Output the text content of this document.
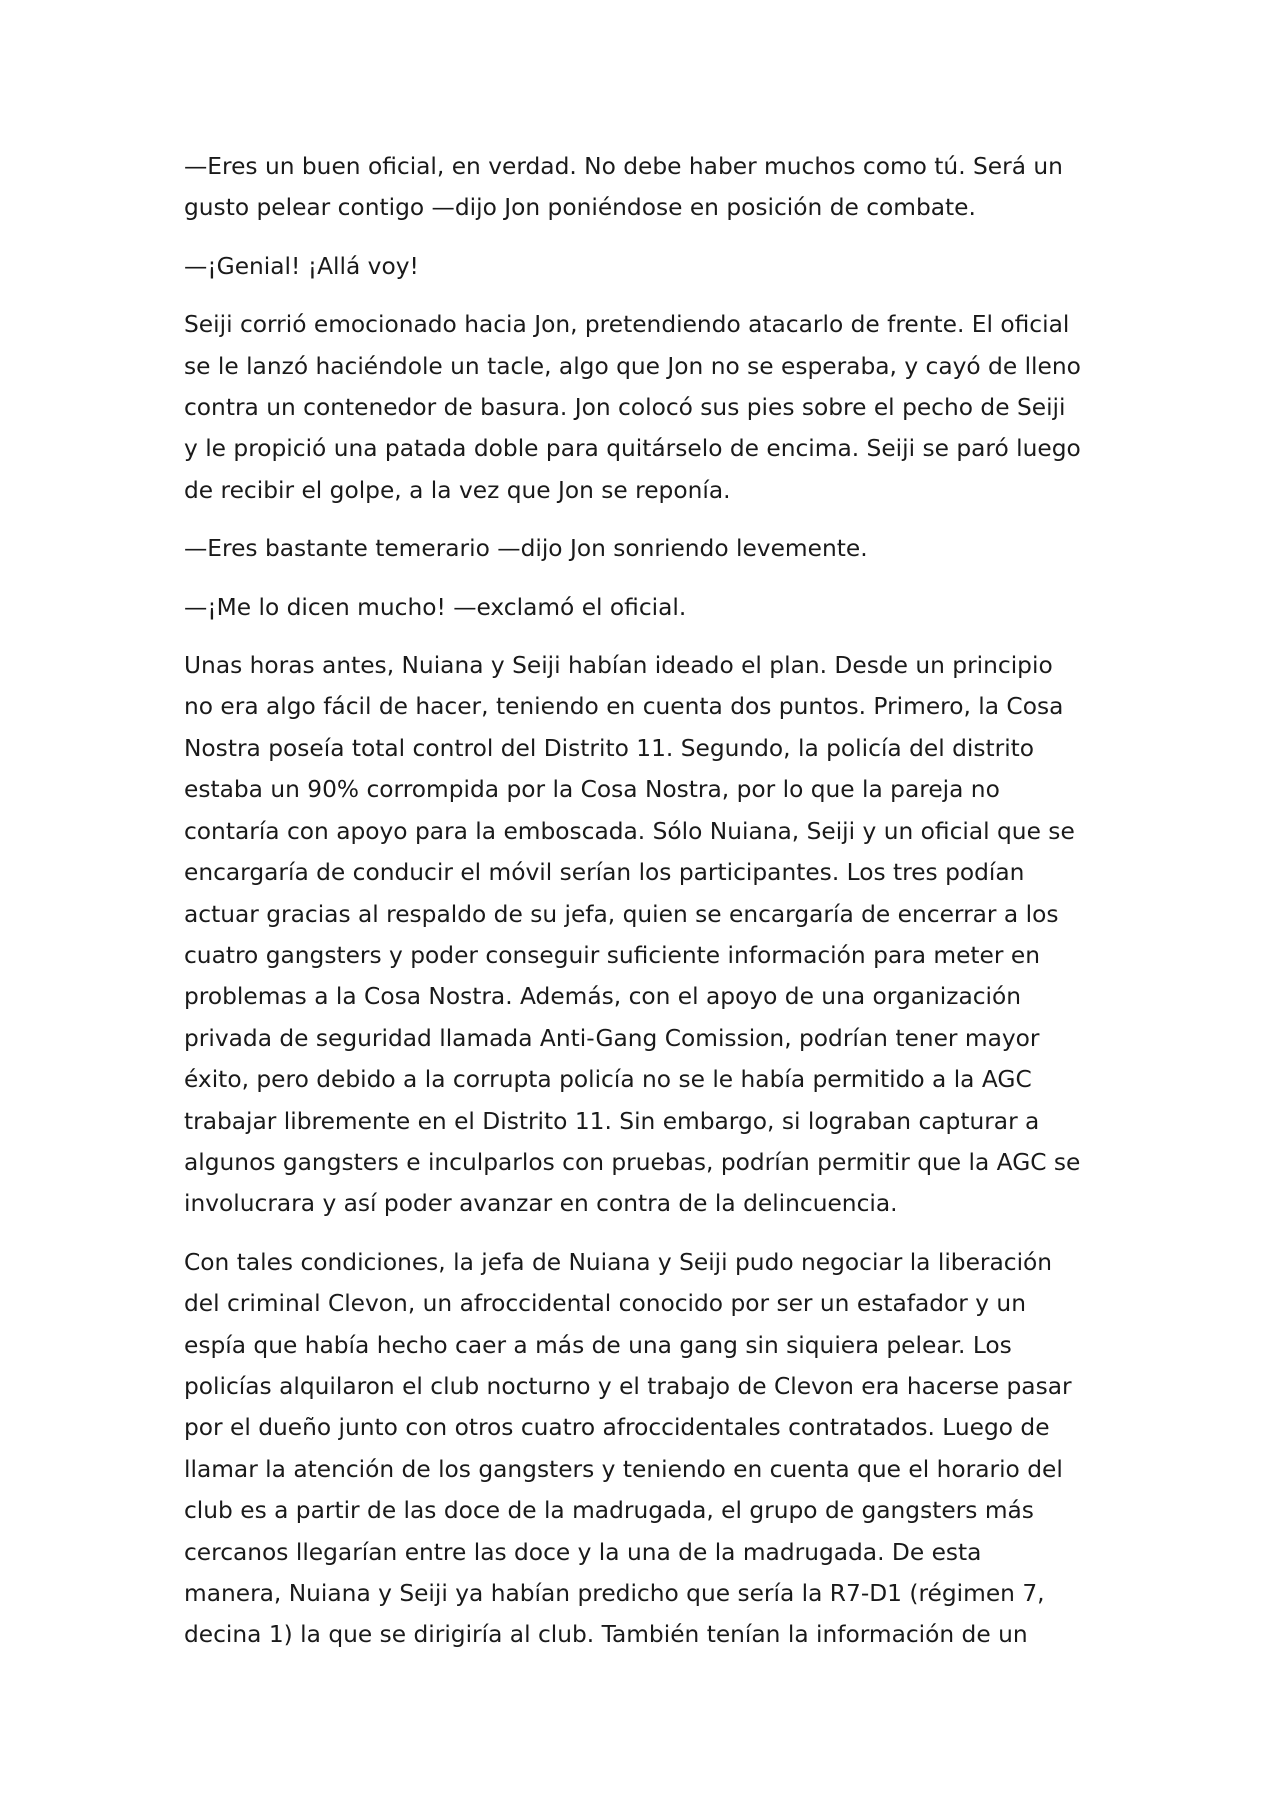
—Eres un buen oficial, en verdad. No debe haber muchos como tú. Será un
gusto pelear contigo —dijo Jon poniéndose en posición de combate.

—¡Genial! ¡Allá voy!

Seiji corrió emocionado hacia Jon, pretendiendo atacarlo de frente. El oficial
se le lanzó haciéndole un tacle, algo que Jon no se esperaba, y cayó de lleno
contra un contenedor de basura. Jon colocó sus pies sobre el pecho de Seiji
y le propició una patada doble para quitárselo de encima. Seiji se paró luego
de recibir el golpe, a la vez que Jon se reponía.

—Eres bastante temerario —dijo Jon sonriendo levemente.

—¡Me lo dicen mucho! —exclamó el oficial.

Unas horas antes, Nuiana y Seiji habían ideado el plan. Desde un principio
no era algo fácil de hacer, teniendo en cuenta dos puntos. Primero, la Cosa
Nostra poseía total control del Distrito 11. Segundo, la policía del distrito
estaba un 90% corrompida por la Cosa Nostra, por lo que la pareja no
contaría con apoyo para la emboscada. Sólo Nuiana, Seiji y un oficial que se
encargaría de conducir el móvil serían los participantes. Los tres podían
actuar gracias al respaldo de su jefa, quien se encargaría de encerrar a los
cuatro gangsters y poder conseguir suficiente información para meter en
problemas a la Cosa Nostra. Además, con el apoyo de una organización
privada de seguridad llamada Anti-Gang Comission, podrían tener mayor
éxito, pero debido a la corrupta policía no se le había permitido a la AGC
trabajar libremente en el Distrito 11. Sin embargo, si lograban capturar a
algunos gangsters e inculparlos con pruebas, podrían permitir que la AGC se
involucrara y así poder avanzar en contra de la delincuencia.

Con tales condiciones, la jefa de Nuiana y Seiji pudo negociar la liberación
del criminal Clevon, un afroccidental conocido por ser un estafador y un
espía que había hecho caer a más de una gang sin siquiera pelear. Los
policías alquilaron el club nocturno y el trabajo de Clevon era hacerse pasar
por el dueño junto con otros cuatro afroccidentales contratados. Luego de
llamar la atención de los gangsters y teniendo en cuenta que el horario del
club es a partir de las doce de la madrugada, el grupo de gangsters más
cercanos llegarían entre las doce y la una de la madrugada. De esta
manera, Nuiana y Seiji ya habían predicho que sería la R7-D1 (régimen 7,
decina 1) la que se dirigiría al club. También tenían la información de un
